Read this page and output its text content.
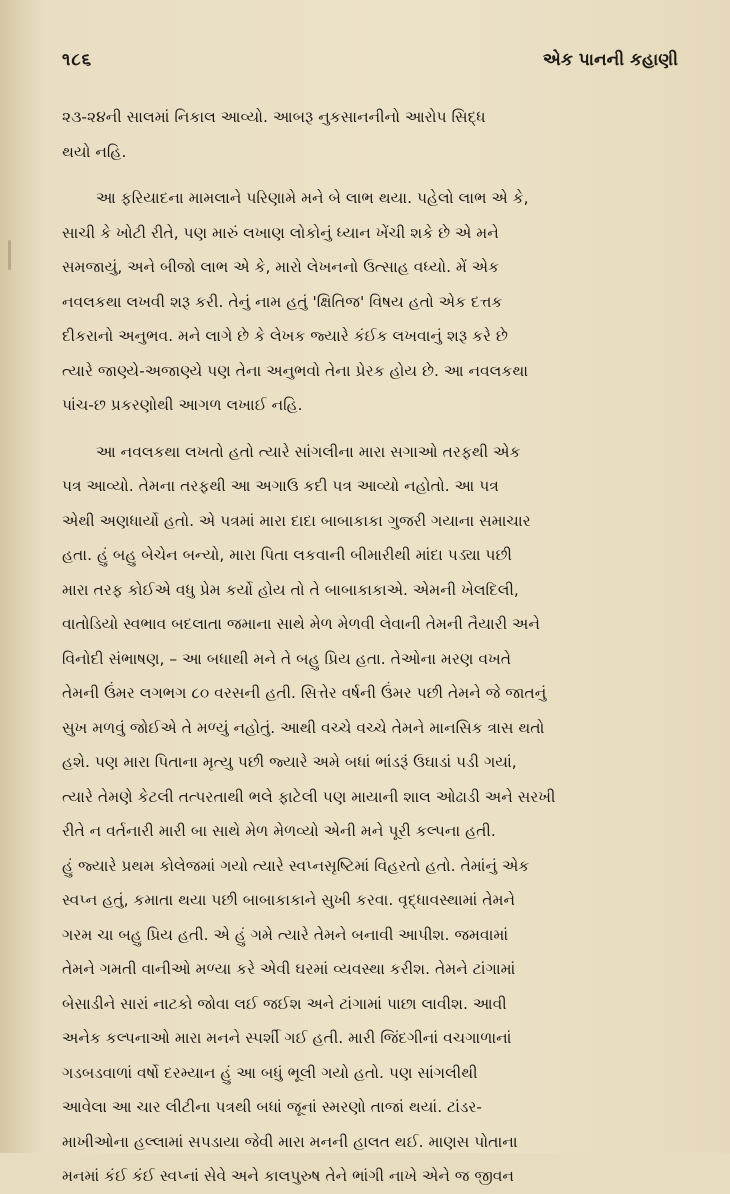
૧૮૬	એક પાનની કહાણી

૨૩-૨૪ની સાલમાં નિકાલ આવ્યો. આબરૂ નુકસાનનીનો આરોપ સિદ્ધ
થયો નહિ.

આ ફરિયાદના મામલાને પરિણામે મને બે લાભ થયા. પહેલો લાભ એ કે,
સાચી કે ખોટી રીતે, પણ મારું લખાણ લોકોનું ધ્યાન ખેંચી શકે છે એ મને
સમજાયું, અને બીજો લાભ એ કે, મારો લેખનનો ઉત્સાહ વધ્યો. મેં એક
નવલકથા લખવી શરૂ કરી. તેનું નામ હતું 'ક્ષિતિજ' વિષય હતો એક દત્તક
દીકરાનો અનુભવ. મને લાગે છે કે લેખક જ્યારે કંઈક લખવાનું શરૂ કરે છે
ત્યારે જાણ્યે-અજાણ્યે પણ તેના અનુભવો તેના પ્રેરક હોય છે. આ નવલકથા
પાંચ-છ પ્રકરણોથી આગળ લખાઈ નહિ.

આ નવલકથા લખતો હતો ત્યારે સાંગલીના મારા સગાઓ તરફથી એક
પત્ર આવ્યો. તેમના તરફથી આ અગાઉ કદી પત્ર આવ્યો નહોતો. આ પત્ર
એથી અણધાર્યો હતો. એ પત્રમાં મારા દાદા બાબાકાકા ગુજરી ગયાના સમાચાર
હતા. હું બહુ બેચેન બન્યો, મારા પિતા લકવાની બીમારીથી માંદા પડ્યા પછી
મારા તરફ કોઈએ વધુ પ્રેમ કર્યો હોય તો તે બાબાકાકાએ. એમની ખેલદિલી,
વાતોડિયો સ્વભાવ બદલાતા જમાના સાથે મેળ મેળવી લેવાની તેમની તૈયારી અને
વિનોદી સંભાષણ, – આ બધાથી મને તે બહુ પ્રિય હતા. તેઓના મરણ વખતે
તેમની ઉંમર લગભગ ૮૦ વરસની હતી. સિત્તેર વર્ષની ઉંમર પછી તેમને જે જાતનું
સુખ મળવું જોઈએ તે મળ્યું નહોતું. આથી વચ્ચે વચ્ચે તેમને માનસિક ત્રાસ થતો
હશે. પણ મારા પિતાના મૃત્યુ પછી જ્યારે અમે બધાં ભાંડરૂં ઉઘાડાં પડી ગયાં,
ત્યારે તેમણે કેટલી તત્પરતાથી ભલે ફાટેલી પણ માયાની શાલ ઓઢાડી અને સરખી
રીતે ન વર્તનારી મારી બા સાથે મેળ મેળવ્યો એની મને પૂરી કલ્પના હતી.
હું જ્યારે પ્રથમ કોલેજમાં ગયો ત્યારે સ્વપ્નસૃષ્ટિમાં વિહરતો હતો. તેમાંનું એક
સ્વપ્ન હતું, કમાતા થયા પછી બાબાકાકાને સુખી કરવા. વૃદ્ધાવસ્થામાં તેમને
ગરમ ચા બહુ પ્રિય હતી. એ હું ગમે ત્યારે તેમને બનાવી આપીશ. જમવામાં
તેમને ગમતી વાનીઓ મળ્યા કરે એવી ઘરમાં વ્યવસ્થા કરીશ. તેમને ટાંગામાં
બેસાડીને સારાં નાટકો જોવા લઈ જઈશ અને ટાંગામાં પાછા લાવીશ. આવી
અનેક કલ્પનાઓ મારા મનને સ્પર્શી ગઈ હતી. મારી જિંદગીનાં વચગાળાનાં
ગડબડવાળાં વર્ષો દરમ્યાન હું આ બધું ભૂલી ગયો હતો. પણ સાંગલીથી
આવેલા આ ચાર લીટીના પત્રથી બધાં જૂનાં સ્મરણો તાજાં થયાં. ટાંડર-
માખીઓના હલ્લામાં સપડાયા જેવી મારા મનની હાલત થઈ. માણસ પોતાના
મનમાં કંઈ કંઈ સ્વપ્નાં સેવે અને કાલપુરુષ તેને ભાંગી નાખે એને જ જીવન
